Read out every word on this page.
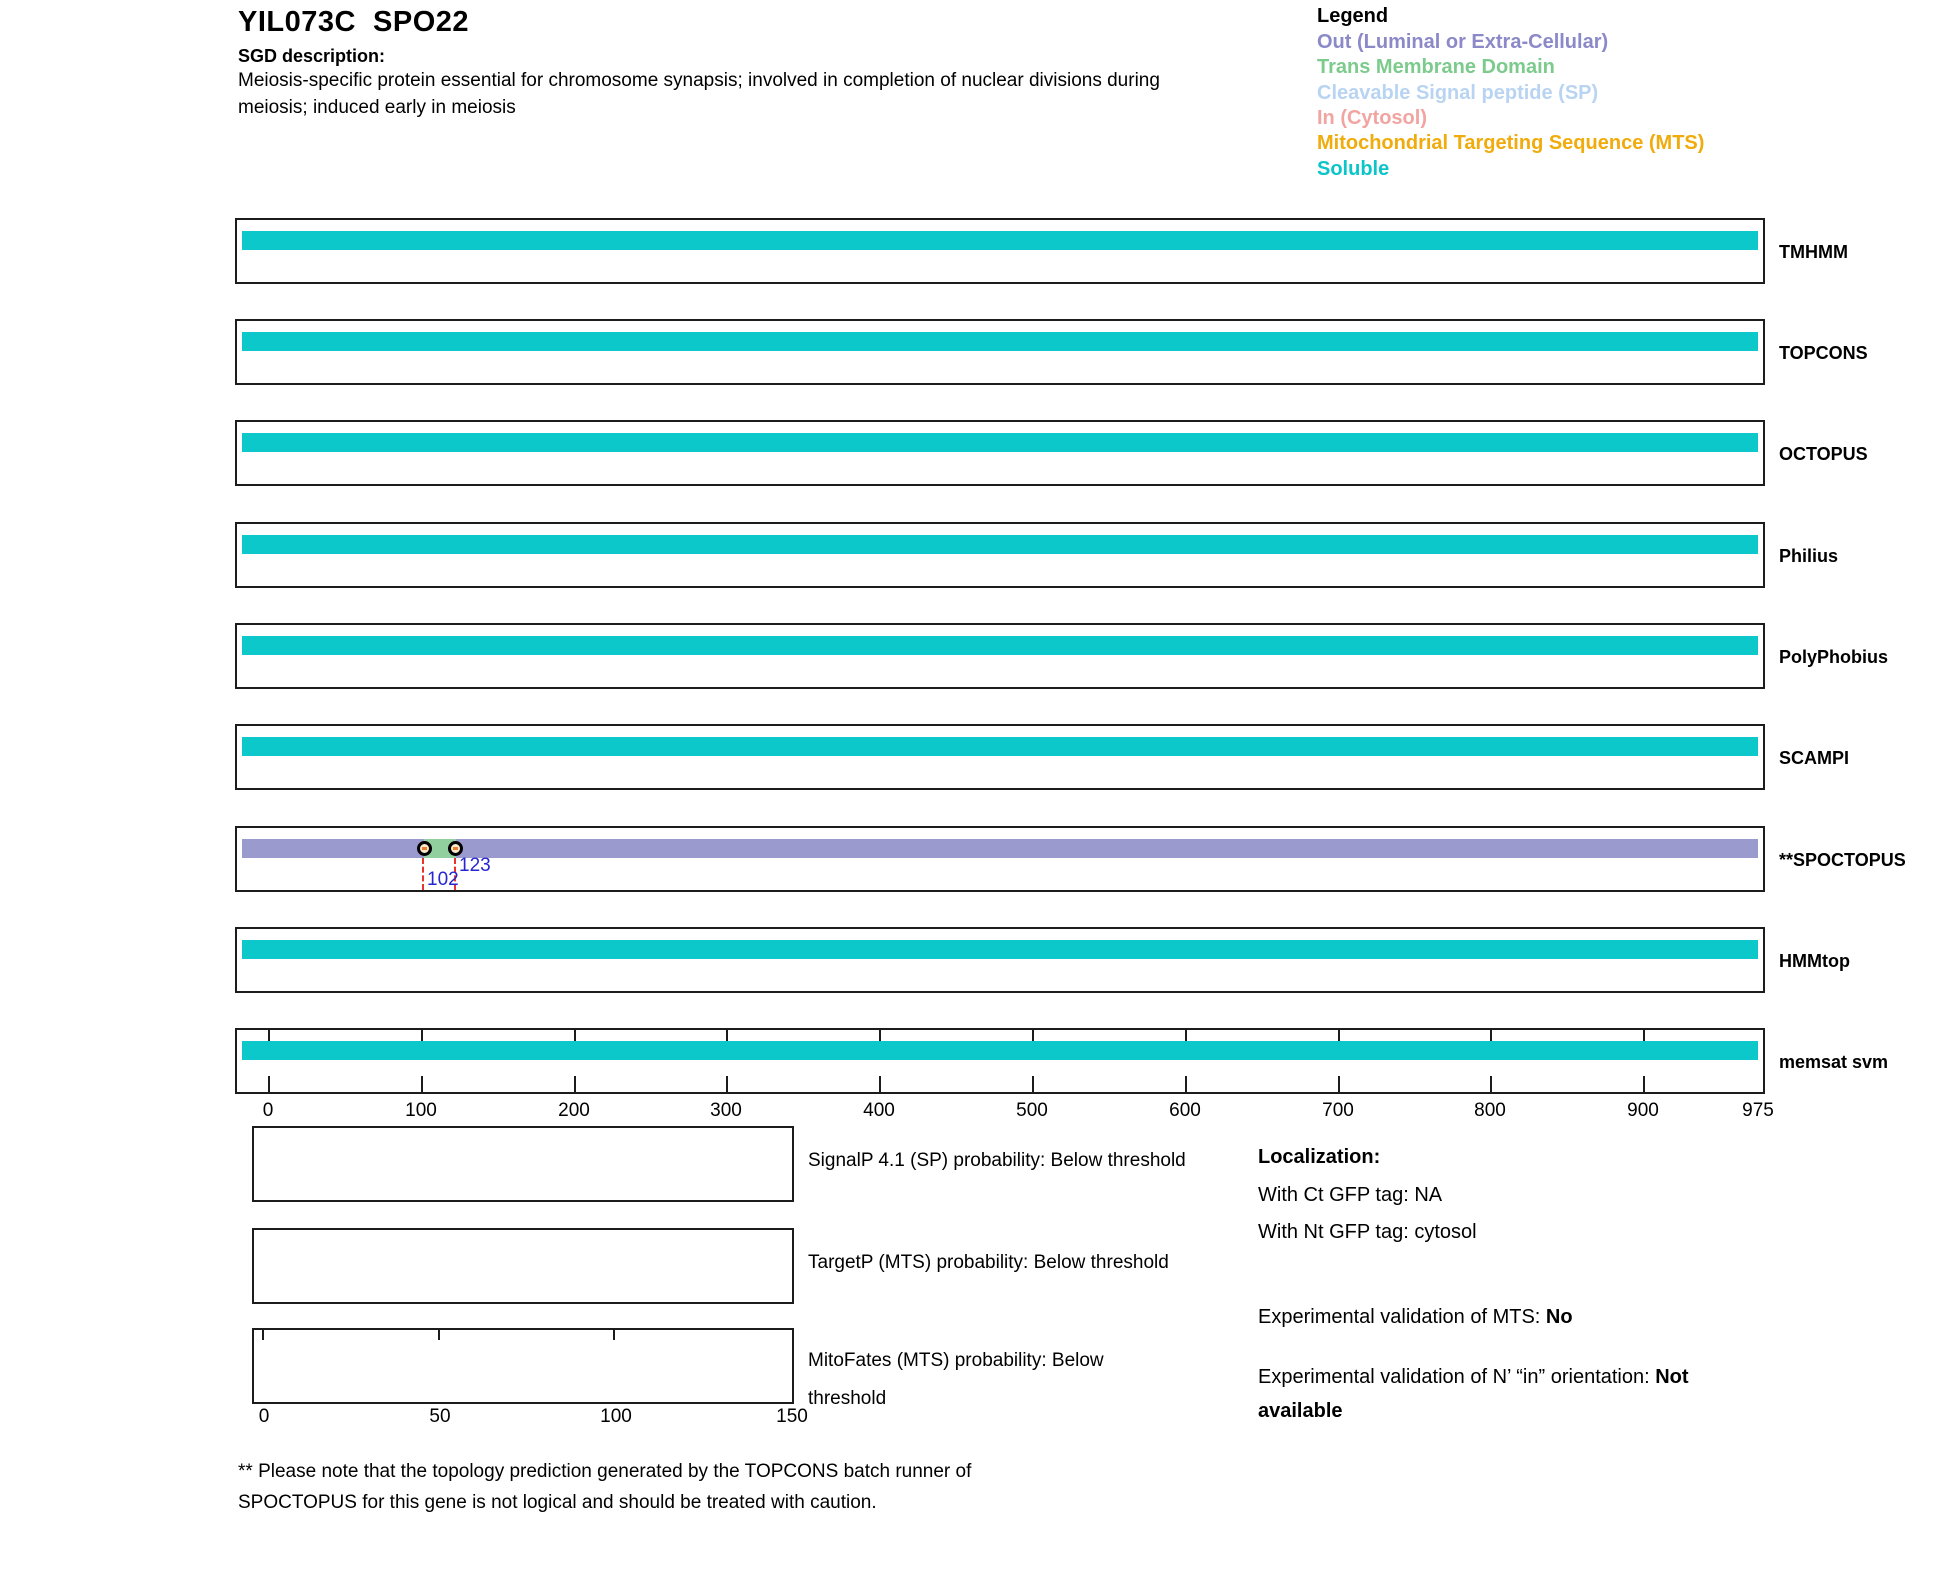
YIL073C  SPO22
SGD description:
Meiosis-specific protein essential for chromosome synapsis; involved in completion of nuclear divisions during
meiosis; induced early in meiosis
Legend
Out (Luminal or Extra-Cellular)
Trans Membrane Domain
Cleavable Signal peptide (SP)
In (Cytosol)
Mitochondrial Targeting Sequence (MTS)
Soluble
TMHMM
TOPCONS
OCTOPUS
Philius
PolyPhobius
SCAMPI
102
123	**SPOCTOPUS
HMMtop
memsat svm
0	100	200	300	400	500	600	700	800	900	975
SignalP 4.1 (SP) probability: Below threshold
TargetP (MTS) probability: Below threshold
MitoFates (MTS) probability: Below threshold
0	50	100	150
Localization:
With Ct GFP tag: NA
With Nt GFP tag: cytosol
Experimental validation of MTS: No
Experimental validation of N’ “in” orientation: Not
available
** Please note that the topology prediction generated by the TOPCONS batch runner of
SPOCTOPUS for this gene is not logical and should be treated with caution.
